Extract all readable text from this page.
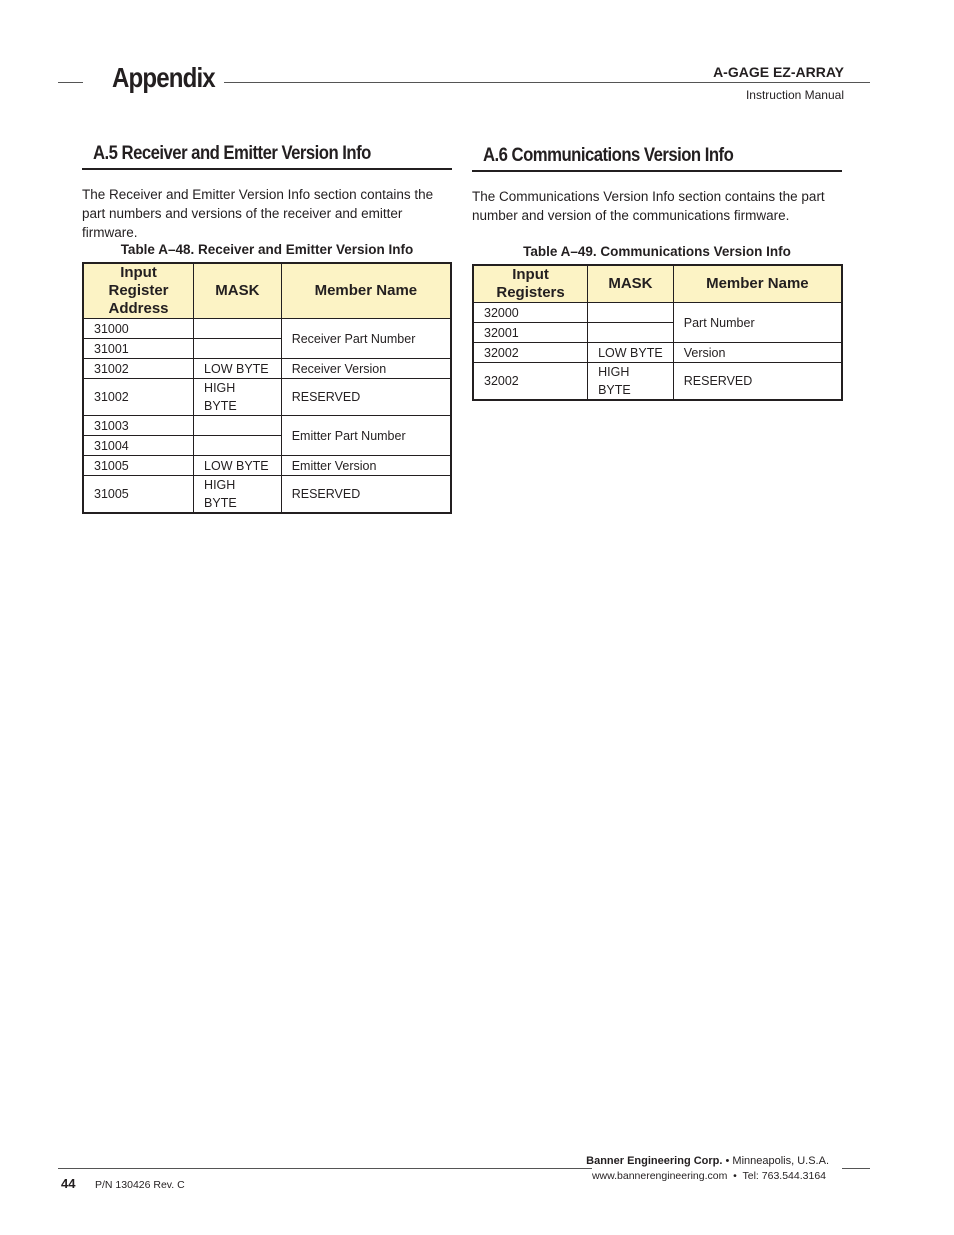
Appendix	A-GAGE EZ-ARRAY
Instruction Manual
A.5 Receiver and Emitter Version Info
The Receiver and Emitter Version Info section contains the part numbers and versions of the receiver and emitter firmware.
Table A–48. Receiver and Emitter Version Info
Input Register Address	MASK	Member Name
31000		Receiver Part Number
31001		
31002	LOW BYTE	Receiver Version
31002	HIGH BYTE	RESERVED
31003		Emitter Part Number
31004		
31005	LOW BYTE	Emitter Version
31005	HIGH BYTE	RESERVED
A.6 Communications Version Info
The Communications Version Info section contains the part number and version of the communications firmware.
Table A–49. Communications Version Info
Input Registers	MASK	Member Name
32000		Part Number
32001		
32002	LOW BYTE	Version
32002	HIGH BYTE	RESERVED
Banner Engineering Corp. • Minneapolis, U.S.A.
www.bannerengineering.com  •  Tel: 763.544.3164
44 P/N 130426 Rev. C
